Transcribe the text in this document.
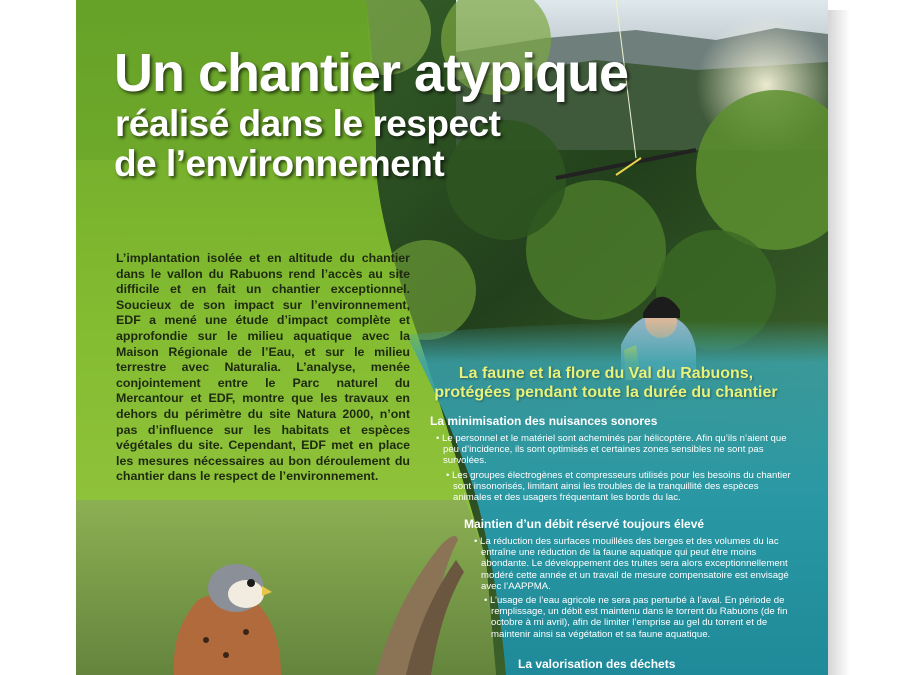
Un chantier atypique
réalisé dans le respect
de l’environnement

L’implantation isolée et en altitude du chantier dans le vallon du Rabuons rend l’accès au site difficile et en fait un chantier exceptionnel. Soucieux de son impact sur l’environnement, EDF a mené une étude d’impact complète et approfondie sur le milieu aquatique avec la Maison Régionale de l’Eau, et sur le milieu terrestre avec Naturalia. L’analyse, menée conjointement entre le Parc naturel du Mercantour et EDF, montre que les travaux en dehors du périmètre du site Natura 2000, n’ont pas d’influence sur les habitats et espèces végétales du site. Cependant, EDF met en place les mesures nécessaires au bon déroulement du chantier dans le respect de l’environnement.

La faune et la flore du Val du Rabuons,
protégées pendant toute la durée du chantier
La minimisation des nuisances sonores
• Le personnel et le matériel sont acheminés par hélicoptère. Afin qu’ils n’aient que peu d’incidence, ils sont optimisés et certaines zones sensibles ne sont pas survolées.
• Les groupes électrogènes et compresseurs utilisés pour les besoins du chantier sont insonorisés, limitant ainsi les troubles de la tranquillité des espèces animales et des usagers fréquentant les bords du lac.
Maintien d’un débit réservé toujours élevé
• La réduction des surfaces mouillées des berges et des volumes du lac entraîne une réduction de la faune aquatique qui peut être moins abondante. Le développement des truites sera alors exceptionnellement modéré cette année et un travail de mesure compensatoire est envisagé avec l’AAPPMA.
• L’usage de l’eau agricole ne sera pas perturbé à l’aval. En période de remplissage, un débit est maintenu dans le torrent du Rabuons (de fin octobre à mi avril), afin de limiter l’emprise au gel du torrent et de maintenir ainsi sa végétation et sa faune aquatique.
La valorisation des déchets
